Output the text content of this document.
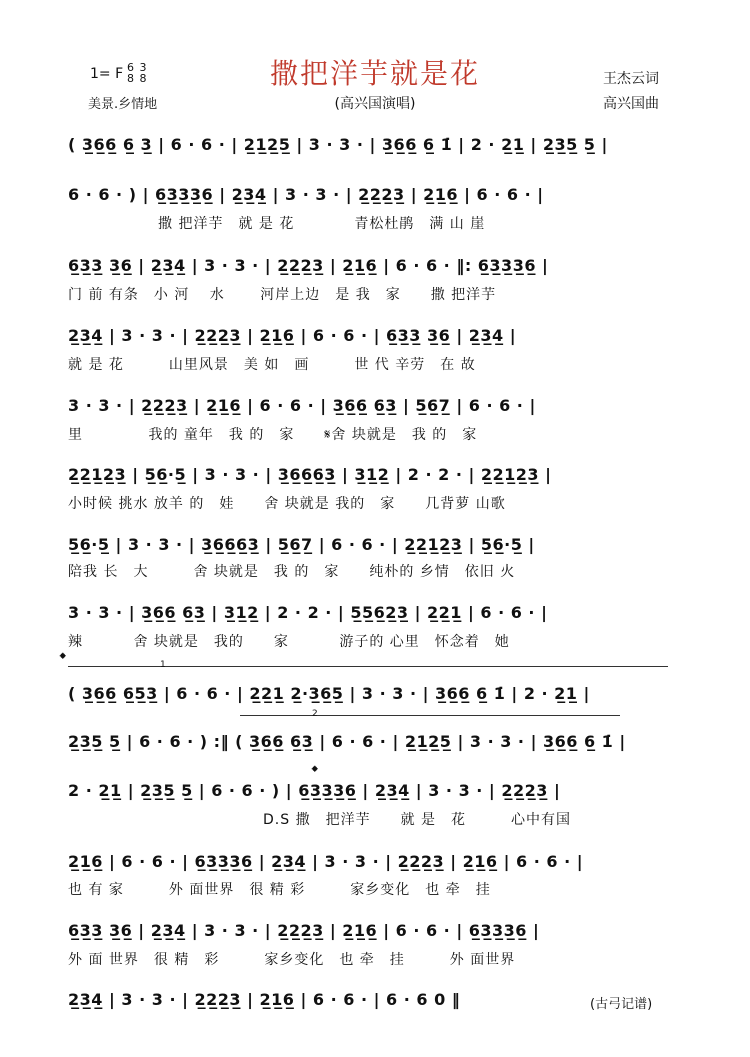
撒把洋芋就是花
(高兴国演唱)
1= F 6 3
8 8
美景.乡情地
王杰云词
高兴国曲
( 3̲6̲6̲ 6̲ 3̲ | 6 · 6 · | 2̲1̲2̲5̲ | 3 · 3 · | 3̲6̲6̲ 6̲ 1̇ | 2 · 2̲1̲ | 2̲3̲5̲ 5̲ |
6 · 6 · ) | 6̲3̲3̲3̲6̲ | 2̲3̲4̲ | 3 · 3 · | 2̲2̲2̲3̲ | 2̲1̲6̲ | 6 · 6 · |
　　　　　　撒 把洋芋　就 是 花　　　　青松杜鹃　满 山 崖
6̲3̲3̲ 3̲6̲ | 2̲3̲4̲ | 3 · 3 · | 2̲2̲2̲3̲ | 2̲1̲6̲ | 6 · 6 · ‖: 6̲3̲3̲3̲6̲ |
门 前 有条　小 河　 水　　 河岸上边　是 我　家　　撒 把洋芋
2̲3̲4̲ | 3 · 3 · | 2̲2̲2̲3̲ | 2̲1̲6̲ | 6 · 6 · | 6̲3̲3̲ 3̲6̲ | 2̲3̲4̲ |
就 是 花　　　山里风景　美 如　画　　　世 代 辛劳　在 故
3 · 3 · | 2̲2̲2̲3̲ | 2̲1̲6̲ | 6 · 6 · | 3̲6̲6̲ 6̲3̲ | 5̲6̲7̲ | 6 · 6 · |
里　　　　 我的 童年　我 的　家　　𝄋舍 块就是　我 的　家
2̲2̲1̲2̲3̲ | 5̲6̲·5̲ | 3 · 3 · | 3̲6̲6̲6̲3̲ | 3̲1̲2̲ | 2 · 2 · | 2̲2̲1̲2̲3̲ |
小时候 挑水 放羊 的　娃　　舍 块就是 我的　家　　几背萝 山歌
5̲6̲·5̲ | 3 · 3 · | 3̲6̲6̲6̲3̲ | 5̲6̲7̲ | 6 · 6 · | 2̲2̲1̲2̲3̲ | 5̲6̲·5̲ |
陪我 长　大　　　舍 块就是　我 的　家　　纯朴的 乡情　依旧 火
3 · 3 · | 3̲6̲6̲ 6̲3̲ | 3̲1̲2̲ | 2 · 2 · | 5̲5̲6̲2̲3̲ | 2̲2̲1̲ | 6 · 6 · |
辣　　　 舍 块就是　我的　　家　　　 游子的 心里　怀念着　她
𝄌	1
( 3̲6̲6̲ 6̲5̲3̲ | 6 · 6 · | 2̲2̲1̲ 2̲·3̲6̲5̲ | 3 · 3 · | 3̲6̲6̲ 6̲ 1̇ | 2 · 2̲1̲ |
2
2̲3̲5̲ 5̲ | 6 · 6 · ) :‖ ( 3̲6̲6̲ 6̲3̲ | 6 · 6 · | 2̲1̲2̲5̲ | 3 · 3 · | 3̲6̲6̲ 6̲ 1̇ |
𝄌
2 · 2̲1̲ | 2̲3̲5̲ 5̲ | 6 · 6 · ) | 6̲3̲3̲3̲6̲ | 2̲3̲4̲ | 3 · 3 · | 2̲2̲2̲3̲ |
　　　　　　　　　　　　　D.S 撒　把洋芋　　就 是　花　　　心中有国
2̲1̲6̲ | 6 · 6 · | 6̲3̲3̲3̲6̲ | 2̲3̲4̲ | 3 · 3 · | 2̲2̲2̲3̲ | 2̲1̲6̲ | 6 · 6 · |
也 有 家　　　外 面世界　很 精 彩　　　家乡变化　也 牵　挂
6̲3̲3̲ 3̲6̲ | 2̲3̲4̲ | 3 · 3 · | 2̲2̲2̲3̲ | 2̲1̲6̲ | 6 · 6 · | 6̲3̲3̲3̲6̲ |
外 面 世界　很 精　彩　　　家乡变化　也 牵　挂　　　外 面世界
2̲3̲4̲ | 3 · 3 · | 2̲2̲2̲3̲ | 2̲1̲6̲ | 6 · 6 · | 6 · 6 0 ‖	(古弓记谱)
